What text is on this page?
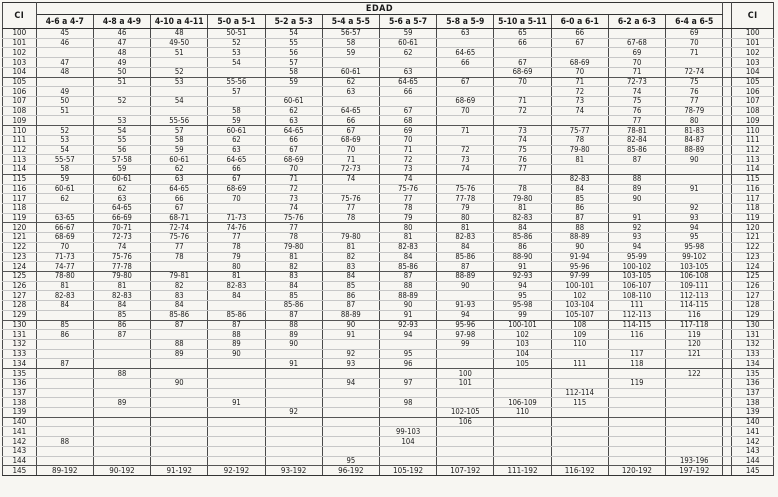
CI	EDAD													CI
	4-6 a 4-7	4-8 a 4-9	4-10 a 4-11	5-0 a 5-1	5-2 a 5-3	5-4 a 5-5	5-6 a 5-7	5-8 a 5-9	5-10 a 5-11	6-0 a 6-1	6-2 a 6-3	6-4 a 6-5		
100	45	46	48	50-51	54	56-57	59	63	65	66		69		100
101	46	47	49-50	52	55	58	60-61		66	67	67-68	70		101
102		48	51	53	56	59	62	64-65			69	71		102
103	47	49		54	57			66	67	68-69	70			103
104	48	50	52		58	60-61	63		68-69	70	71	72-74		104
105		51	53	55-56	59	62	64-65	67	70	71	72-73	75		105
106	49			57		63	66			72	74	76		106
107	50	52	54		60-61			68-69	71	73	75	77		107
108	51			58	62	64-65	67	70	72	74	76	78-79		108
109		53	55-56	59	63	66	68				77	80		109
110	52	54	57	60-61	64-65	67	69	71	73	75-77	78-81	81-83		110
111	53	55	58	62	66	68-69	70		74	78	82-84	84-87		111
112	54	56	59	63	67	70	71	72	75	79-80	85-86	88-89		112
113	55-57	57-58	60-61	64-65	68-69	71	72	73	76	81	87	90		113
114	58	59	62	66	70	72-73	73	74	77					114
115	59	60-61	63	67	71	74	74			82-83	88			115
116	60-61	62	64-65	68-69	72		75-76	75-76	78	84	89	91		116
117	62	63	66	70	73	75-76	77	77-78	79-80	85	90			117
118		64-65	67		74	77	78	79	81	86		92		118
119	63-65	66-69	68-71	71-73	75-76	78	79	80	82-83	87	91	93		119
120	66-67	70-71	72-74	74-76	77		80	81	84	88	92	94		120
121	68-69	72-73	75-76	77	78	79-80	81	82-83	85-86	88-89	93	95		121
122	70	74	77	78	79-80	81	82-83	84	86	90	94	95-98		122
123	71-73	75-76	78	79	81	82	84	85-86	88-90	91-94	95-99	99-102		123
124	74-77	77-78		80	82	83	85-86	87	91	95-96	100-102	103-105		124
125	78-80	79-80	79-81	81	83	84	87	88-89	92-93	97-99	103-105	106-108		125
126	81	81	82	82-83	84	85	88	90	94	100-101	106-107	109-111		126
127	82-83	82-83	83	84	85	86	88-89		95	102	108-110	112-113		127
128	84	84	84		85-86	87	90	91-93	95-98	103-104	111	114-115		128
129		85	85-86	85-86	87	88-89	91	94	99	105-107	112-113	116		129
130	85	86	87	87	88	90	92-93	95-96	100-101	108	114-115	117-118		130
131	86	87		88	89	91	94	97-98	102	109	116	119		131
132			88	89	90			99	103	110		120		132
133			89	90		92	95		104		117	121		133
134	87				91	93	96		105	111	118			134
135		88						100				122		135
136			90			94	97	101			119			136
137										112-114				137
138		89		91			98		106-109	115				138
139					92			102-105	110					139
140								106						140
141							99-103							141
142	88						104							142
143														143
144						95						193-196		144
145	89-192	90-192	91-192	92-192	93-192	96-192	105-192	107-192	111-192	116-192	120-192	197-192		145
